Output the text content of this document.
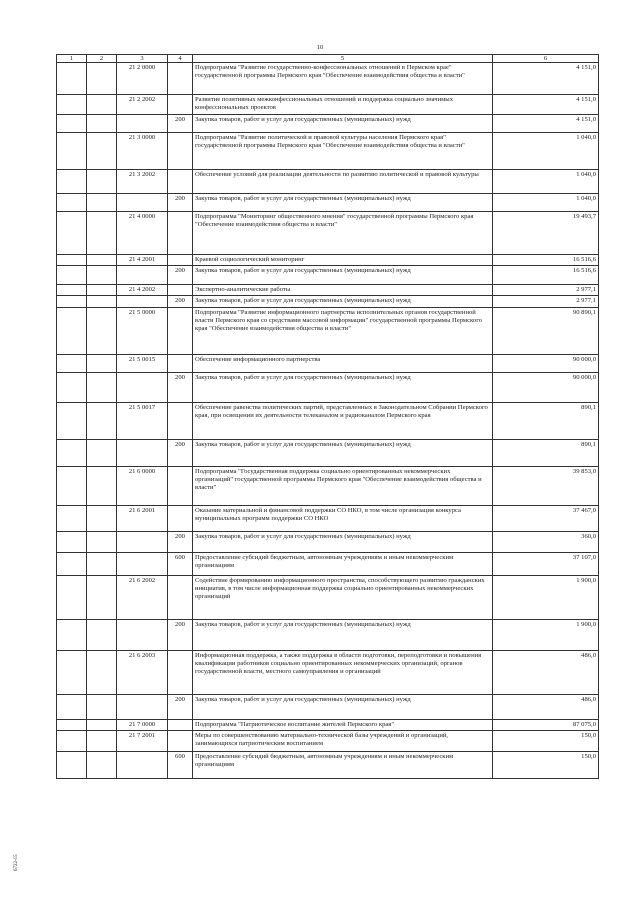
10
1	2	3	4	5	6
		21 2 0000		Подпрограмма "Развитие государственно-конфессиональных отношений в Пермском крае" государственной программы Пермского края "Обеспечение взаимодействия общества и власти"	4 151,0
		21 2 2002		Развитие позитивных межконфессиональных отношений и поддержка социально значимых конфессиональных проектов	4 151,0
			200	Закупка товаров, работ и услуг для государственных (муниципальных) нужд	4 151,0
		21 3 0000		Подпрограмма "Развитие политической и правовой культуры населения Пермского края" государственной программы Пермского края "Обеспечение взаимодействия общества и власти"	1 040,0
		21 3 2002		Обеспечение условий для реализации деятельности по развитию политической и правовой культуры	1 040,0
			200	Закупка товаров, работ и услуг для государственных (муниципальных) нужд	1 040,0
		21 4 0000		Подпрограмма "Мониторинг общественного мнения" государственной программы Пермского края "Обеспечение взаимодействия общества и власти"	19 493,7
		21 4 2001		Краевой социологический мониторинг	16 516,6
			200	Закупка товаров, работ и услуг для государственных (муниципальных) нужд	16 516,6
		21 4 2002		Экспертно-аналитические работы	2 977,1
			200	Закупка товаров, работ и услуг для государственных (муниципальных) нужд	2 977,1
		21 5 0000		Подпрограмма "Развитие информационного партнерства исполнительных органов государственной власти Пермского края со средствами массовой информации" государственной программы Пермского края "Обеспечение взаимодействия общества и власти"	90 890,1
		21 5 0015		Обеспечение информационного партнерства	90 000,0
			200	Закупка товаров, работ и услуг для государственных (муниципальных) нужд	90 000,0
		21 5 0017		Обеспечение равенства политических партий, представленных в Законодательном Собрании Пермского края, при освещении их деятельности телеканалом и радиоканалом Пермского края	890,1
			200	Закупка товаров, работ и услуг для государственных (муниципальных) нужд	890,1
		21 6 0000		Подпрограмма "Государственная поддержка социально ориентированных некоммерческих организаций" государственной программы Пермского края "Обеспечение взаимодействия общества и власти"	39 853,0
		21 6 2001		Оказание материальной и финансовой поддержки СО НКО, в том числе организация конкурса муниципальных программ поддержки СО НКО	37 467,0
			200	Закупка товаров, работ и услуг для государственных (муниципальных) нужд	360,0
			600	Предоставление субсидий бюджетным, автономным учреждениям и иным некоммерческим организациям	37 107,0
		21 6 2002		Содействие формированию информационного пространства, способствующего развитию гражданских инициатив, в том числе информационная поддержка социально ориентированных некоммерческих организаций	1 900,0
			200	Закупка товаров, работ и услуг для государственных (муниципальных) нужд	1 900,0
		21 6 2003		Информационная поддержка, а также поддержка в области подготовки, переподготовки и повышения квалификации работников социально ориентированных некоммерческих организаций, органов государственной власти, местного самоуправления и организаций	486,0
			200	Закупка товаров, работ и услуг для государственных (муниципальных) нужд	486,0
		21 7 0000		Подпрограмма "Патриотическое воспитание жителей Пермского края"	87 075,0
		21 7 2001		Меры по совершенствованию материально-технической базы учреждений и организаций, занимающихся патриотическим воспитанием	150,0
			600	Предоставление субсидий бюджетным, автономным учреждениям и иным некоммерческим организациям	150,0
6722-15
